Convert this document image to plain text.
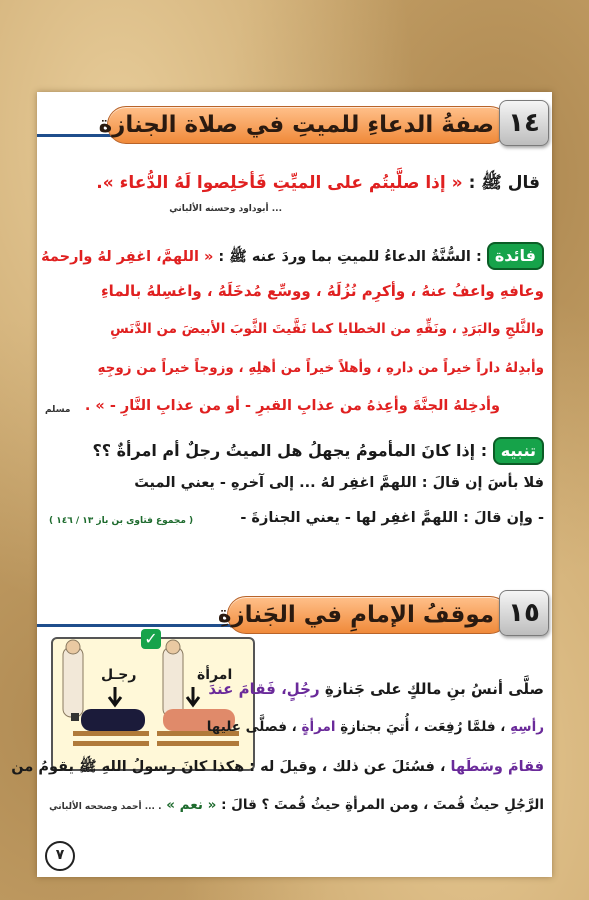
صفةُ الدعاءِ للميتِ في صلاة الجنازة ١٤
قال ﷺ : « إذا صلَّيتُم على الميِّتِ فَأخلِصوا لَهُ الدُّعاء ».
... أبوداود وحسنه الألباني
فائدة : السُّنَّةُ الدعاءُ للميتِ بما وردَ عنه ﷺ : « اللهمَّ، اغفِر لهُ وارحمهُ
وعافهِ واعفُ عنهُ ، وأكرِم نُزُلَهُ ، ووسِّع مُدخَلَهُ ، واغسِلهُ بالماءِ
والثَّلجِ والبَرَدِ ، ونَقِّهِ من الخطايا كما نَقَّيتَ الثَّوبَ الأبيضَ من الدَّنَسِ
وأبدِلهُ داراً خيراً من دارهِ ، وأهلاً خيراً من أهلِهِ ، وزوجاً خيراً من زوجِهِ
وأدخِلهُ الجنَّةَ وأعِذهُ من عذابِ القبرِ - أو من عذابِ النَّارِ - » .
مسلم
تنبيه : إذا كانَ المأمومُ يجهلُ هل الميتُ رجلٌ أم امرأةٌ ؟؟
فلا بأسَ إن قالَ : اللهمَّ اغفِر لهُ ... إلى آخرهِ - يعني الميتَ
- وإن قالَ : اللهمَّ اغفِر لها - يعني الجنازةَ -
( مجموع فتاوى بن باز ١٣ / ١٤٦ )
موقفُ الإمامِ في الجَنازةِ ١٥
رجـل	امرأة
✓
صلَّى أنسُ بنِ مالكٍ على جَنازةِ رجُلٍ، فَقامَ عندَ
رأسِهِ ، فلمَّا رُفِعَت ، أُتيَ بجنازةِ امرأةٍ ، فصلَّى عليها
فقامَ وسَطَها ، فسُئلَ عن ذلك ، وقيلَ له : هكذا كانَ رسولُ اللهِ ﷺ يقومُ من
الرَّجُلِ حيثُ قُمتَ ، ومن المرأةِ حيثُ قُمتَ ؟ قالَ : « نعم » . ... أحمد وصححه الألباني
٧
